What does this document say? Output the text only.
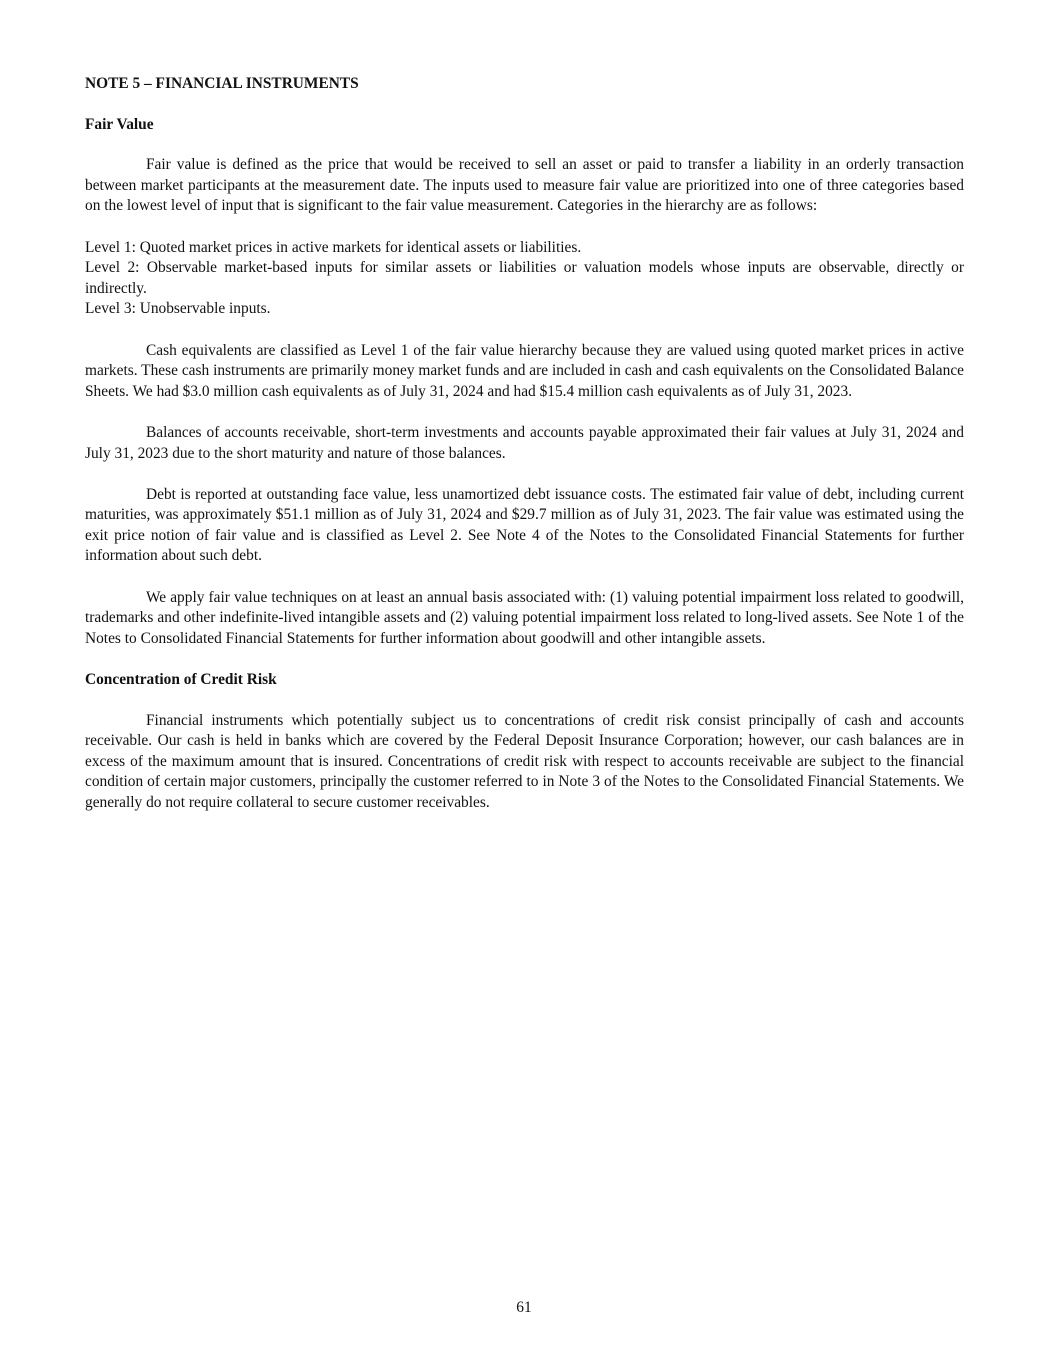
NOTE 5 – FINANCIAL INSTRUMENTS

Fair Value

Fair value is defined as the price that would be received to sell an asset or paid to transfer a liability in an orderly transaction between market participants at the measurement date. The inputs used to measure fair value are prioritized into one of three categories based on the lowest level of input that is significant to the fair value measurement. Categories in the hierarchy are as follows:

Level 1: Quoted market prices in active markets for identical assets or liabilities.

Level 2: Observable market-based inputs for similar assets or liabilities or valuation models whose inputs are observable, directly or indirectly.

Level 3: Unobservable inputs.

Cash equivalents are classified as Level 1 of the fair value hierarchy because they are valued using quoted market prices in active markets. These cash instruments are primarily money market funds and are included in cash and cash equivalents on the Consolidated Balance Sheets. We had $3.0 million cash equivalents as of July 31, 2024 and had $15.4 million cash equivalents as of July 31, 2023.

Balances of accounts receivable, short-term investments and accounts payable approximated their fair values at July 31, 2024 and July 31, 2023 due to the short maturity and nature of those balances.

Debt is reported at outstanding face value, less unamortized debt issuance costs. The estimated fair value of debt, including current maturities, was approximately $51.1 million as of July 31, 2024 and $29.7 million as of July 31, 2023. The fair value was estimated using the exit price notion of fair value and is classified as Level 2. See Note 4 of the Notes to the Consolidated Financial Statements for further information about such debt.

We apply fair value techniques on at least an annual basis associated with: (1) valuing potential impairment loss related to goodwill, trademarks and other indefinite-lived intangible assets and (2) valuing potential impairment loss related to long-lived assets. See Note 1 of the Notes to Consolidated Financial Statements for further information about goodwill and other intangible assets.

Concentration of Credit Risk

Financial instruments which potentially subject us to concentrations of credit risk consist principally of cash and accounts receivable. Our cash is held in banks which are covered by the Federal Deposit Insurance Corporation; however, our cash balances are in excess of the maximum amount that is insured. Concentrations of credit risk with respect to accounts receivable are subject to the financial condition of certain major customers, principally the customer referred to in Note 3 of the Notes to the Consolidated Financial Statements. We generally do not require collateral to secure customer receivables.

61
